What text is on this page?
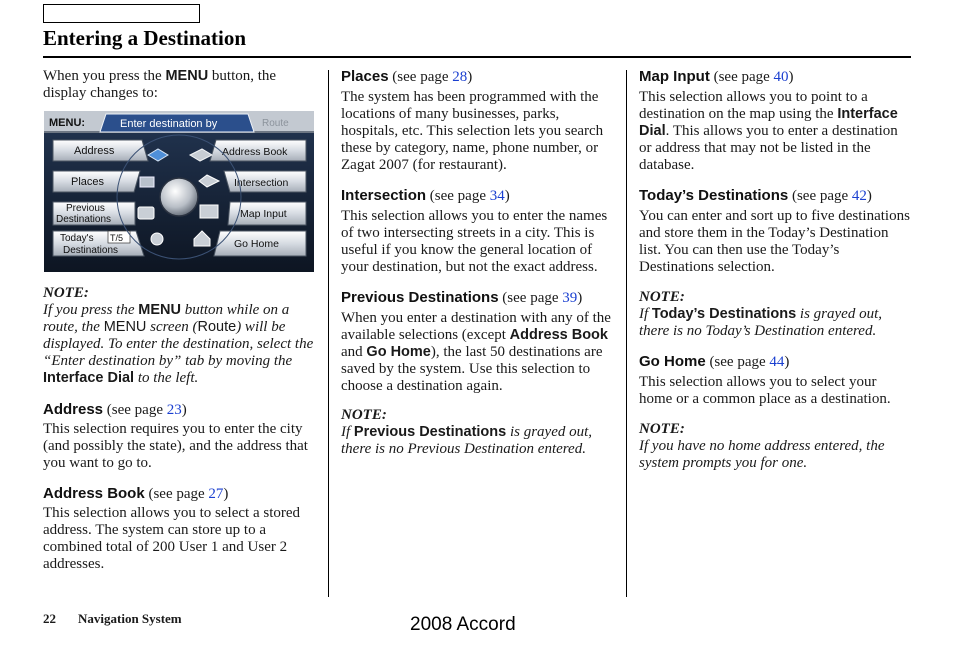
Entering a Destination

When you press the MENU button, the display changes to:

MENU:	Enter destination by	Route
Address
Places
Previous
Destinations
Today's
Destinations
T/5
Address Book
Intersection
Map Input
Go Home

NOTE:

If you press the MENU button while on a route, the MENU screen (Route) will be displayed. To enter the destination, select the “Enter destination by” tab by moving the Interface Dial to the left.

Address (see page 23)

This selection requires you to enter the city (and possibly the state), and the address that you want to go to.

Address Book (see page 27)

This selection allows you to select a stored address. The system can store up to a combined total of 200 User 1 and User 2 addresses.

Places (see page 28)

The system has been programmed with the locations of many businesses, parks, hospitals, etc. This selection lets you search these by category, name, phone number, or Zagat 2007 (for restaurant).

Intersection (see page 34)

This selection allows you to enter the names of two intersecting streets in a city. This is useful if you know the general location of your destination, but not the exact address.

Previous Destinations (see page 39)

When you enter a destination with any of the available selections (except Address Book and Go Home), the last 50 destinations are saved by the system. Use this selection to choose a destination again.

NOTE:

If Previous Destinations is grayed out, there is no Previous Destination entered.

Map Input (see page 40)

This selection allows you to point to a destination on the map using the Interface Dial. This allows you to enter a destination or address that may not be listed in the database.

Today’s Destinations (see page 42)

You can enter and sort up to five destinations and store them in the Today’s Destination list. You can then use the Today’s Destinations selection.

NOTE:

If Today’s Destinations is grayed out, there is no Today’s Destination entered.

Go Home (see page 44)

This selection allows you to select your home or a common place as a destination.

NOTE:

If you have no home address entered, the system prompts you for one.

22 Navigation System	2008 Accord
